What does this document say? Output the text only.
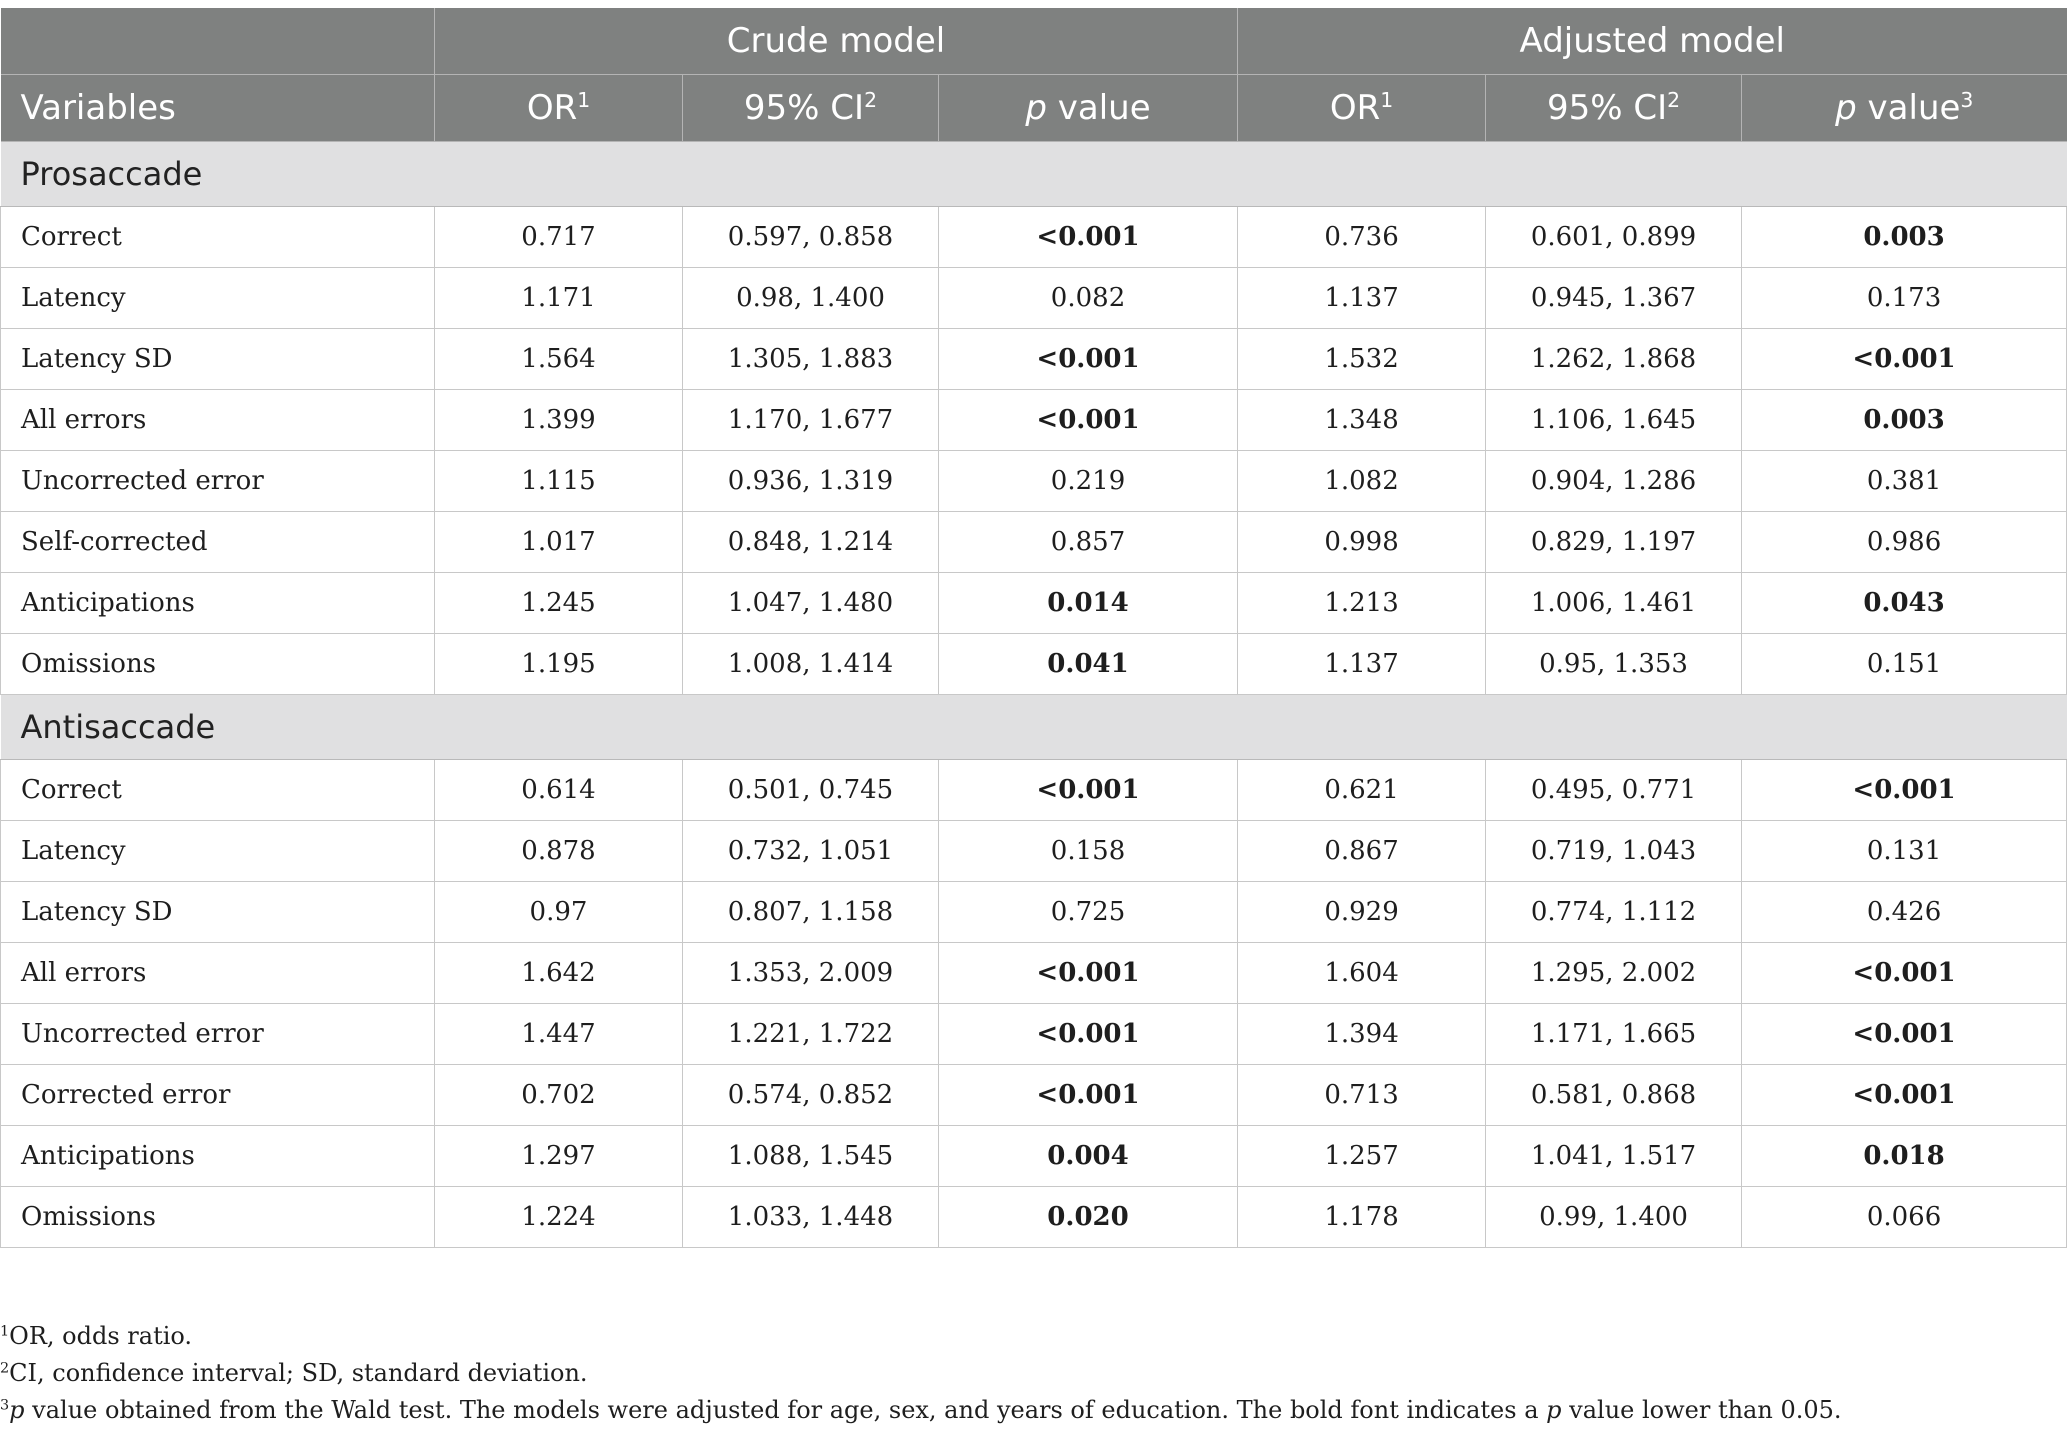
	Crude model			Adjusted model		
Variables	$OR^1$	95% $CI^2$	p value	$OR^1$	95% $CI^2$	p value$^3$
Prosaccade						
Correct	0.717	0.597, 0.858	<0.001	0.736	0.601, 0.899	0.003
Latency	1.171	0.98, 1.400	0.082	1.137	0.945, 1.367	0.173
Latency SD	1.564	1.305, 1.883	<0.001	1.532	1.262, 1.868	<0.001
All errors	1.399	1.170, 1.677	<0.001	1.348	1.106, 1.645	0.003
Uncorrected error	1.115	0.936, 1.319	0.219	1.082	0.904, 1.286	0.381
Self-corrected	1.017	0.848, 1.214	0.857	0.998	0.829, 1.197	0.986
Anticipations	1.245	1.047, 1.480	0.014	1.213	1.006, 1.461	0.043
Omissions	1.195	1.008, 1.414	0.041	1.137	0.95, 1.353	0.151
Antisaccade						
Correct	0.614	0.501, 0.745	<0.001	0.621	0.495, 0.771	<0.001
Latency	0.878	0.732, 1.051	0.158	0.867	0.719, 1.043	0.131
Latency SD	0.97	0.807, 1.158	0.725	0.929	0.774, 1.112	0.426
All errors	1.642	1.353, 2.009	<0.001	1.604	1.295, 2.002	<0.001
Uncorrected error	1.447	1.221, 1.722	<0.001	1.394	1.171, 1.665	<0.001
Corrected error	0.702	0.574, 0.852	<0.001	0.713	0.581, 0.868	<0.001
Anticipations	1.297	1.088, 1.545	0.004	1.257	1.041, 1.517	0.018
Omissions	1.224	1.033, 1.448	0.020	1.178	0.99, 1.400	0.066
$^1$OR, odds ratio.
$^2$CI, confidence interval; SD, standard deviation.
$^3$p value obtained from the Wald test. The models were adjusted for age, sex, and years of education. The bold font indicates a p value lower than 0.05.
